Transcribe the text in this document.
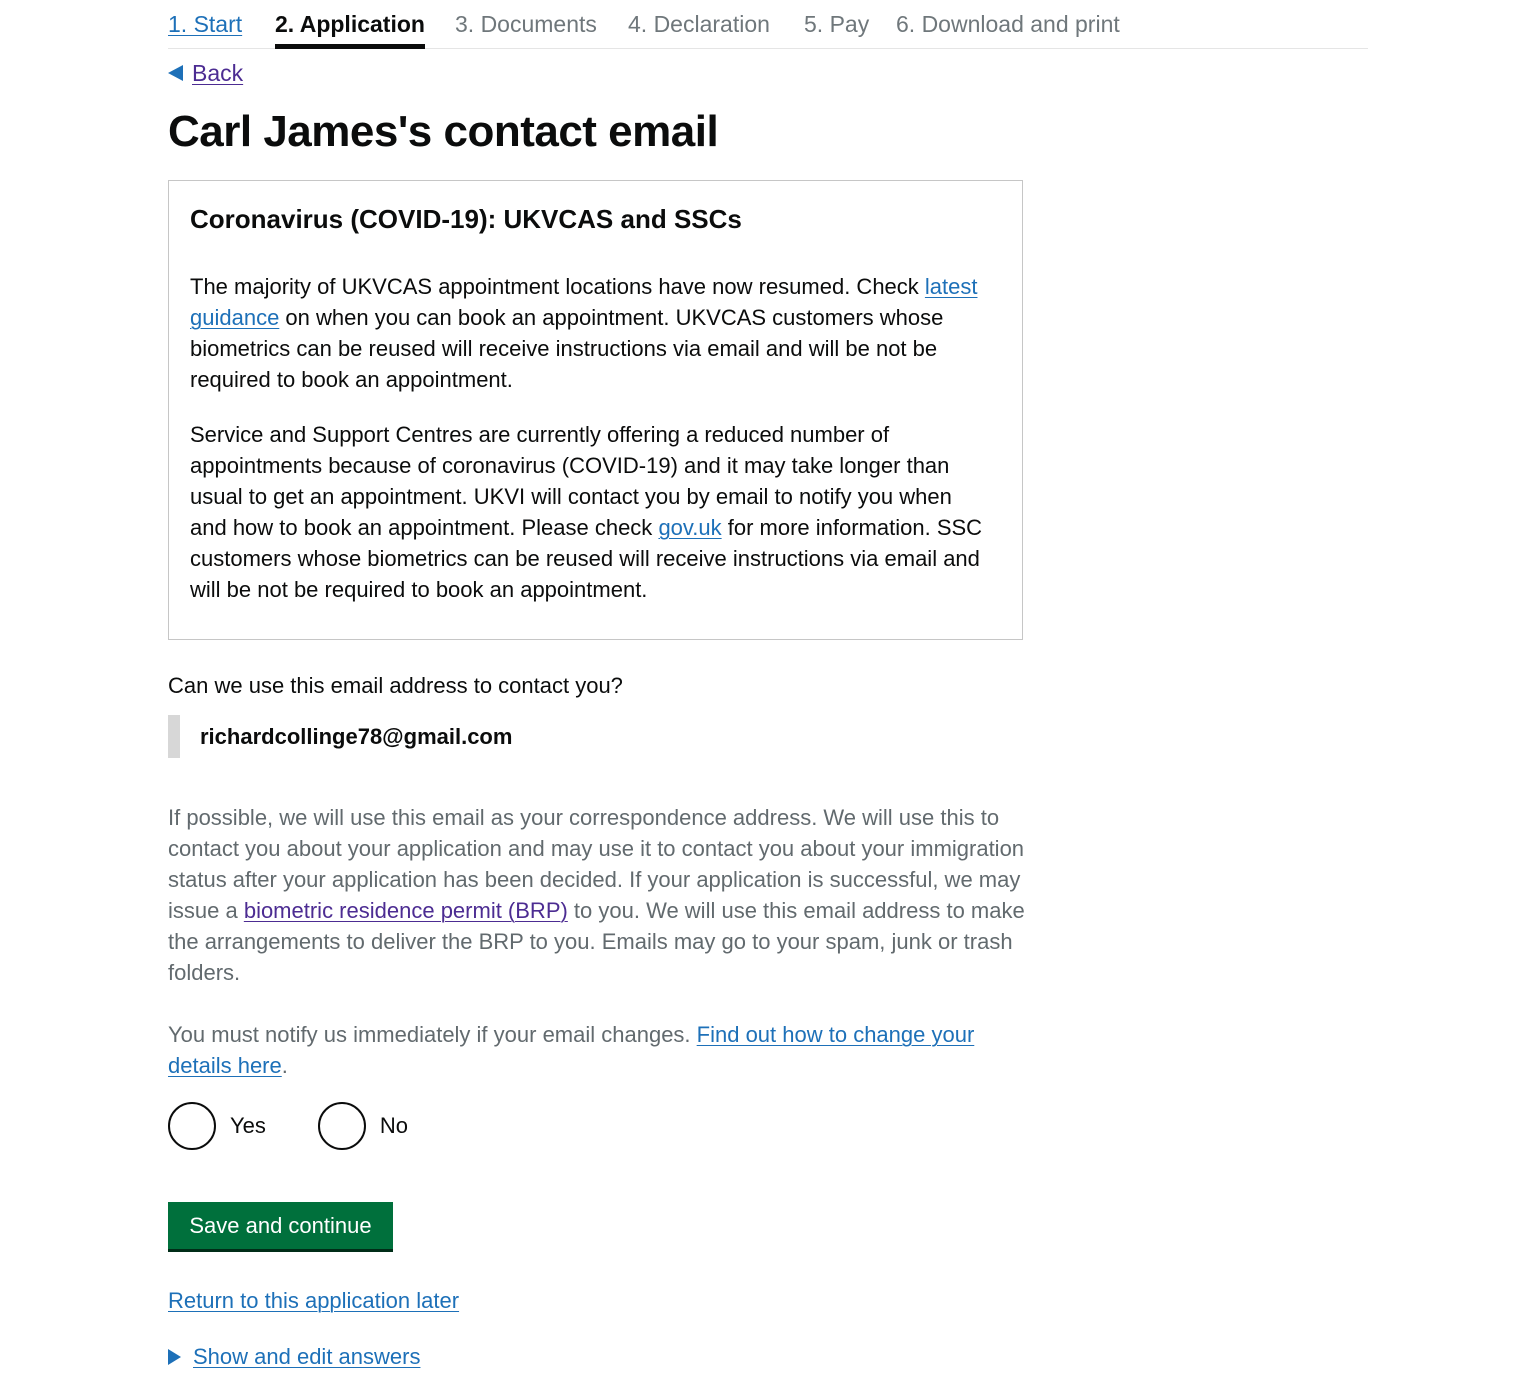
1. Start 2. Application 3. Documents 4. Declaration 5. Pay 6. Download and print
Back
Carl James's contact email
Coronavirus (COVID-19): UKVCAS and SSCs

The majority of UKVCAS appointment locations have now resumed. Check latest guidance on when you can book an appointment. UKVCAS customers whose biometrics can be reused will receive instructions via email and will be not be required to book an appointment.

Service and Support Centres are currently offering a reduced number of appointments because of coronavirus (COVID-19) and it may take longer than usual to get an appointment. UKVI will contact you by email to notify you when and how to book an appointment. Please check gov.uk for more information. SSC customers whose biometrics can be reused will receive instructions via email and will be not be required to book an appointment.

Can we use this email address to contact you?
richardcollinge78@gmail.com

If possible, we will use this email as your correspondence address. We will use this to contact you about your application and may use it to contact you about your immigration status after your application has been decided. If your application is successful, we may issue a biometric residence permit (BRP) to you. We will use this email address to make the arrangements to deliver the BRP to you. Emails may go to your spam, junk or trash folders.

You must notify us immediately if your email changes. Find out how to change your details here.

Yes	No
Save and continue
Return to this application later
Show and edit answers
